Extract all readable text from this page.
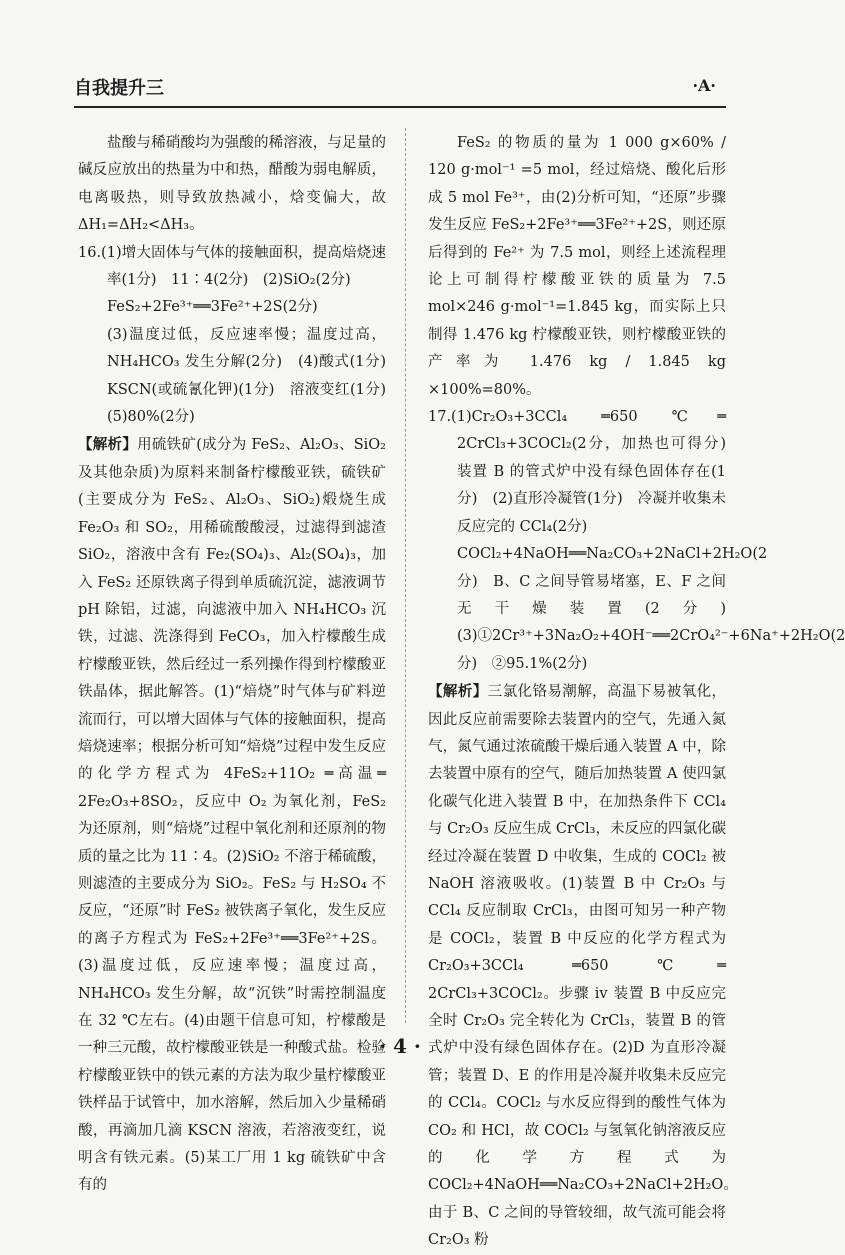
自我提升三	·A·

盐酸与稀硝酸均为强酸的稀溶液，与足量的碱反应放出的热量为中和热，醋酸为弱电解质，电离吸热，则导致放热减小，焓变偏大，故 ΔH₁=ΔH₂<ΔH₃。

16.(1)增大固体与气体的接触面积，提高焙烧速率(1分)　11∶4(2分)　(2)SiO₂(2分)

FeS₂+2Fe³⁺══3Fe²⁺+2S(2分)

(3)温度过低，反应速率慢；温度过高，NH₄HCO₃ 发生分解(2分)　(4)酸式(1分)　KSCN(或硫氰化钾)(1分)　溶液变红(1分)　(5)80%(2分)

【解析】用硫铁矿(成分为 FeS₂、Al₂O₃、SiO₂ 及其他杂质)为原料来制备柠檬酸亚铁，硫铁矿(主要成分为 FeS₂、Al₂O₃、SiO₂)煅烧生成 Fe₂O₃ 和 SO₂，用稀硫酸酸浸，过滤得到滤渣 SiO₂，溶液中含有 Fe₂(SO₄)₃、Al₂(SO₄)₃，加入 FeS₂ 还原铁离子得到单质硫沉淀，滤液调节 pH 除铝，过滤，向滤液中加入 NH₄HCO₃ 沉铁，过滤、洗涤得到 FeCO₃，加入柠檬酸生成柠檬酸亚铁，然后经过一系列操作得到柠檬酸亚铁晶体，据此解答。(1)“焙烧”时气体与矿料逆流而行，可以增大固体与气体的接触面积，提高焙烧速率；根据分析可知“焙烧”过程中发生反应的化学方程式为 4FeS₂+11O₂ ═高温═ 2Fe₂O₃+8SO₂，反应中 O₂ 为氧化剂，FeS₂ 为还原剂，则“焙烧”过程中氧化剂和还原剂的物质的量之比为 11∶4。(2)SiO₂ 不溶于稀硫酸，则滤渣的主要成分为 SiO₂。FeS₂ 与 H₂SO₄ 不反应，“还原”时 FeS₂ 被铁离子氧化，发生反应的离子方程式为 FeS₂+2Fe³⁺══3Fe²⁺+2S。(3)温度过低，反应速率慢；温度过高，NH₄HCO₃ 发生分解，故“沉铁”时需控制温度在 32 ℃左右。(4)由题干信息可知，柠檬酸是一种三元酸，故柠檬酸亚铁是一种酸式盐。检验柠檬酸亚铁中的铁元素的方法为取少量柠檬酸亚铁样品于试管中，加水溶解，然后加入少量稀硝酸，再滴加几滴 KSCN 溶液，若溶液变红，说明含有铁元素。(5)某工厂用 1 kg 硫铁矿中含有的

FeS₂ 的物质的量为 1 000 g×60% / 120 g·mol⁻¹ =5 mol，经过焙烧、酸化后形成 5 mol Fe³⁺，由(2)分析可知，“还原”步骤发生反应 FeS₂+2Fe³⁺══3Fe²⁺+2S，则还原后得到的 Fe²⁺ 为 7.5 mol，则经上述流程理论上可制得柠檬酸亚铁的质量为 7.5 mol×246 g·mol⁻¹=1.845 kg，而实际上只制得 1.476 kg 柠檬酸亚铁，则柠檬酸亚铁的产率为 1.476 kg / 1.845 kg ×100%=80%。

17.(1)Cr₂O₃+3CCl₄ ═650 ℃═ 2CrCl₃+3COCl₂(2分，加热也可得分)　装置 B 的管式炉中没有绿色固体存在(1分)　(2)直形冷凝管(1分)　冷凝并收集未反应完的 CCl₄(2分)

COCl₂+4NaOH══Na₂CO₃+2NaCl+2H₂O(2分)　B、C 之间导管易堵塞，E、F 之间无干燥装置(2分)　(3)①2Cr³⁺+3Na₂O₂+4OH⁻══2CrO₄²⁻+6Na⁺+2H₂O(2分)　②95.1%(2分)

【解析】三氯化铬易潮解，高温下易被氧化，因此反应前需要除去装置内的空气，先通入氮气，氮气通过浓硫酸干燥后通入装置 A 中，除去装置中原有的空气，随后加热装置 A 使四氯化碳气化进入装置 B 中，在加热条件下 CCl₄ 与 Cr₂O₃ 反应生成 CrCl₃，未反应的四氯化碳经过冷凝在装置 D 中收集，生成的 COCl₂ 被 NaOH 溶液吸收。(1)装置 B 中 Cr₂O₃ 与 CCl₄ 反应制取 CrCl₃，由图可知另一种产物是 COCl₂，装置 B 中反应的化学方程式为 Cr₂O₃+3CCl₄ ═650 ℃═ 2CrCl₃+3COCl₂。步骤 ⅳ 装置 B 中反应完全时 Cr₂O₃ 完全转化为 CrCl₃，装置 B 的管式炉中没有绿色固体存在。(2)D 为直形冷凝管；装置 D、E 的作用是冷凝并收集未反应完的 CCl₄。COCl₂ 与水反应得到的酸性气体为 CO₂ 和 HCl，故 COCl₂ 与氢氧化钠溶液反应的化学方程式为 COCl₂+4NaOH══Na₂CO₃+2NaCl+2H₂O。由于 B、C 之间的导管较细，故气流可能会将 Cr₂O₃ 粉

· 4 ·
